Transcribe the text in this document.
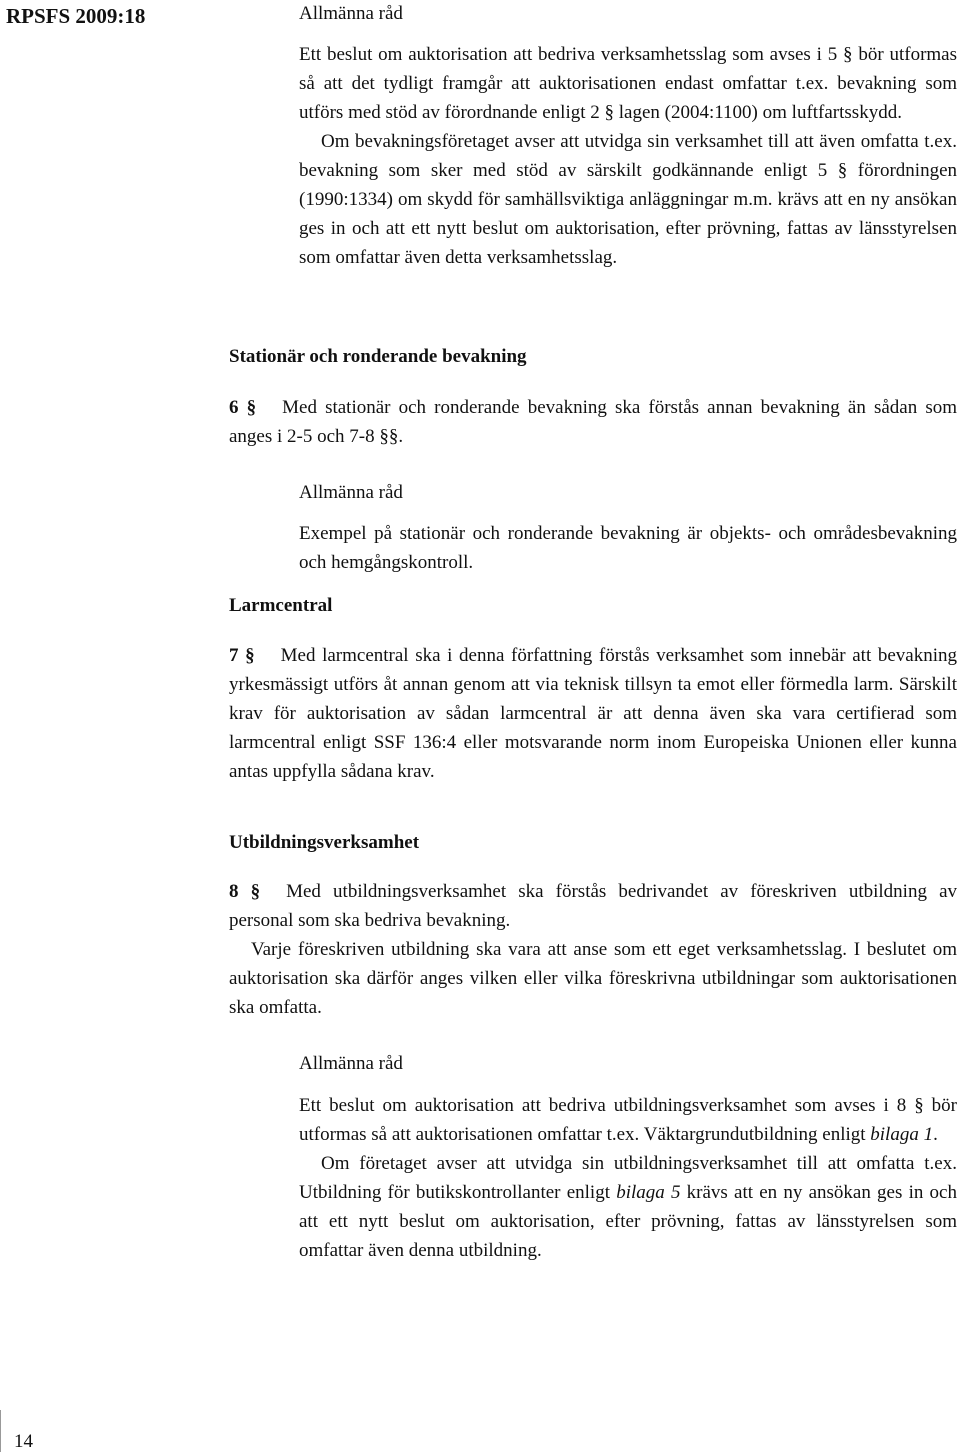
RPSFS 2009:18	Allmänna råd

Ett beslut om auktorisation att bedriva verksamhetsslag som avses i 5 § bör utformas så att det tydligt framgår att auktorisationen endast omfattar t.ex. bevakning som utförs med stöd av förordnande enligt 2 § lagen (2004:1100) om luftfartsskydd.

Om bevakningsföretaget avser att utvidga sin verksamhet till att även omfatta t.ex. bevakning som sker med stöd av särskilt godkännande enligt 5 § förordningen (1990:1334) om skydd för samhällsviktiga anläggningar m.m. krävs att en ny ansökan ges in och att ett nytt beslut om auktorisation, efter prövning, fattas av länsstyrelsen som omfattar även detta verksamhetsslag.

Stationär och ronderande bevakning

6 § Med stationär och ronderande bevakning ska förstås annan bevakning än sådan som anges i 2-5 och 7-8 §§.

Allmänna råd

Exempel på stationär och ronderande bevakning är objekts- och områdesbevakning och hemgångskontroll.

Larmcentral

7 § Med larmcentral ska i denna författning förstås verksamhet som innebär att bevakning yrkesmässigt utförs åt annan genom att via teknisk tillsyn ta emot eller förmedla larm. Särskilt krav för auktorisation av sådan larmcentral är att denna även ska vara certifierad som larmcentral enligt SSF 136:4 eller motsvarande norm inom Europeiska Unionen eller kunna antas uppfylla sådana krav.

Utbildningsverksamhet

8 § Med utbildningsverksamhet ska förstås bedrivandet av föreskriven utbildning av personal som ska bedriva bevakning.

Varje föreskriven utbildning ska vara att anse som ett eget verksamhetsslag. I beslutet om auktorisation ska därför anges vilken eller vilka föreskrivna utbildningar som auktorisationen ska omfatta.

Allmänna råd

Ett beslut om auktorisation att bedriva utbildningsverksamhet som avses i 8 § bör utformas så att auktorisationen omfattar t.ex. Väktargrundutbildning enligt bilaga 1.

Om företaget avser att utvidga sin utbildningsverksamhet till att omfatta t.ex. Utbildning för butikskontrollanter enligt bilaga 5 krävs att en ny ansökan ges in och att ett nytt beslut om auktorisation, efter prövning, fattas av länsstyrelsen som omfattar även denna utbildning.

14
